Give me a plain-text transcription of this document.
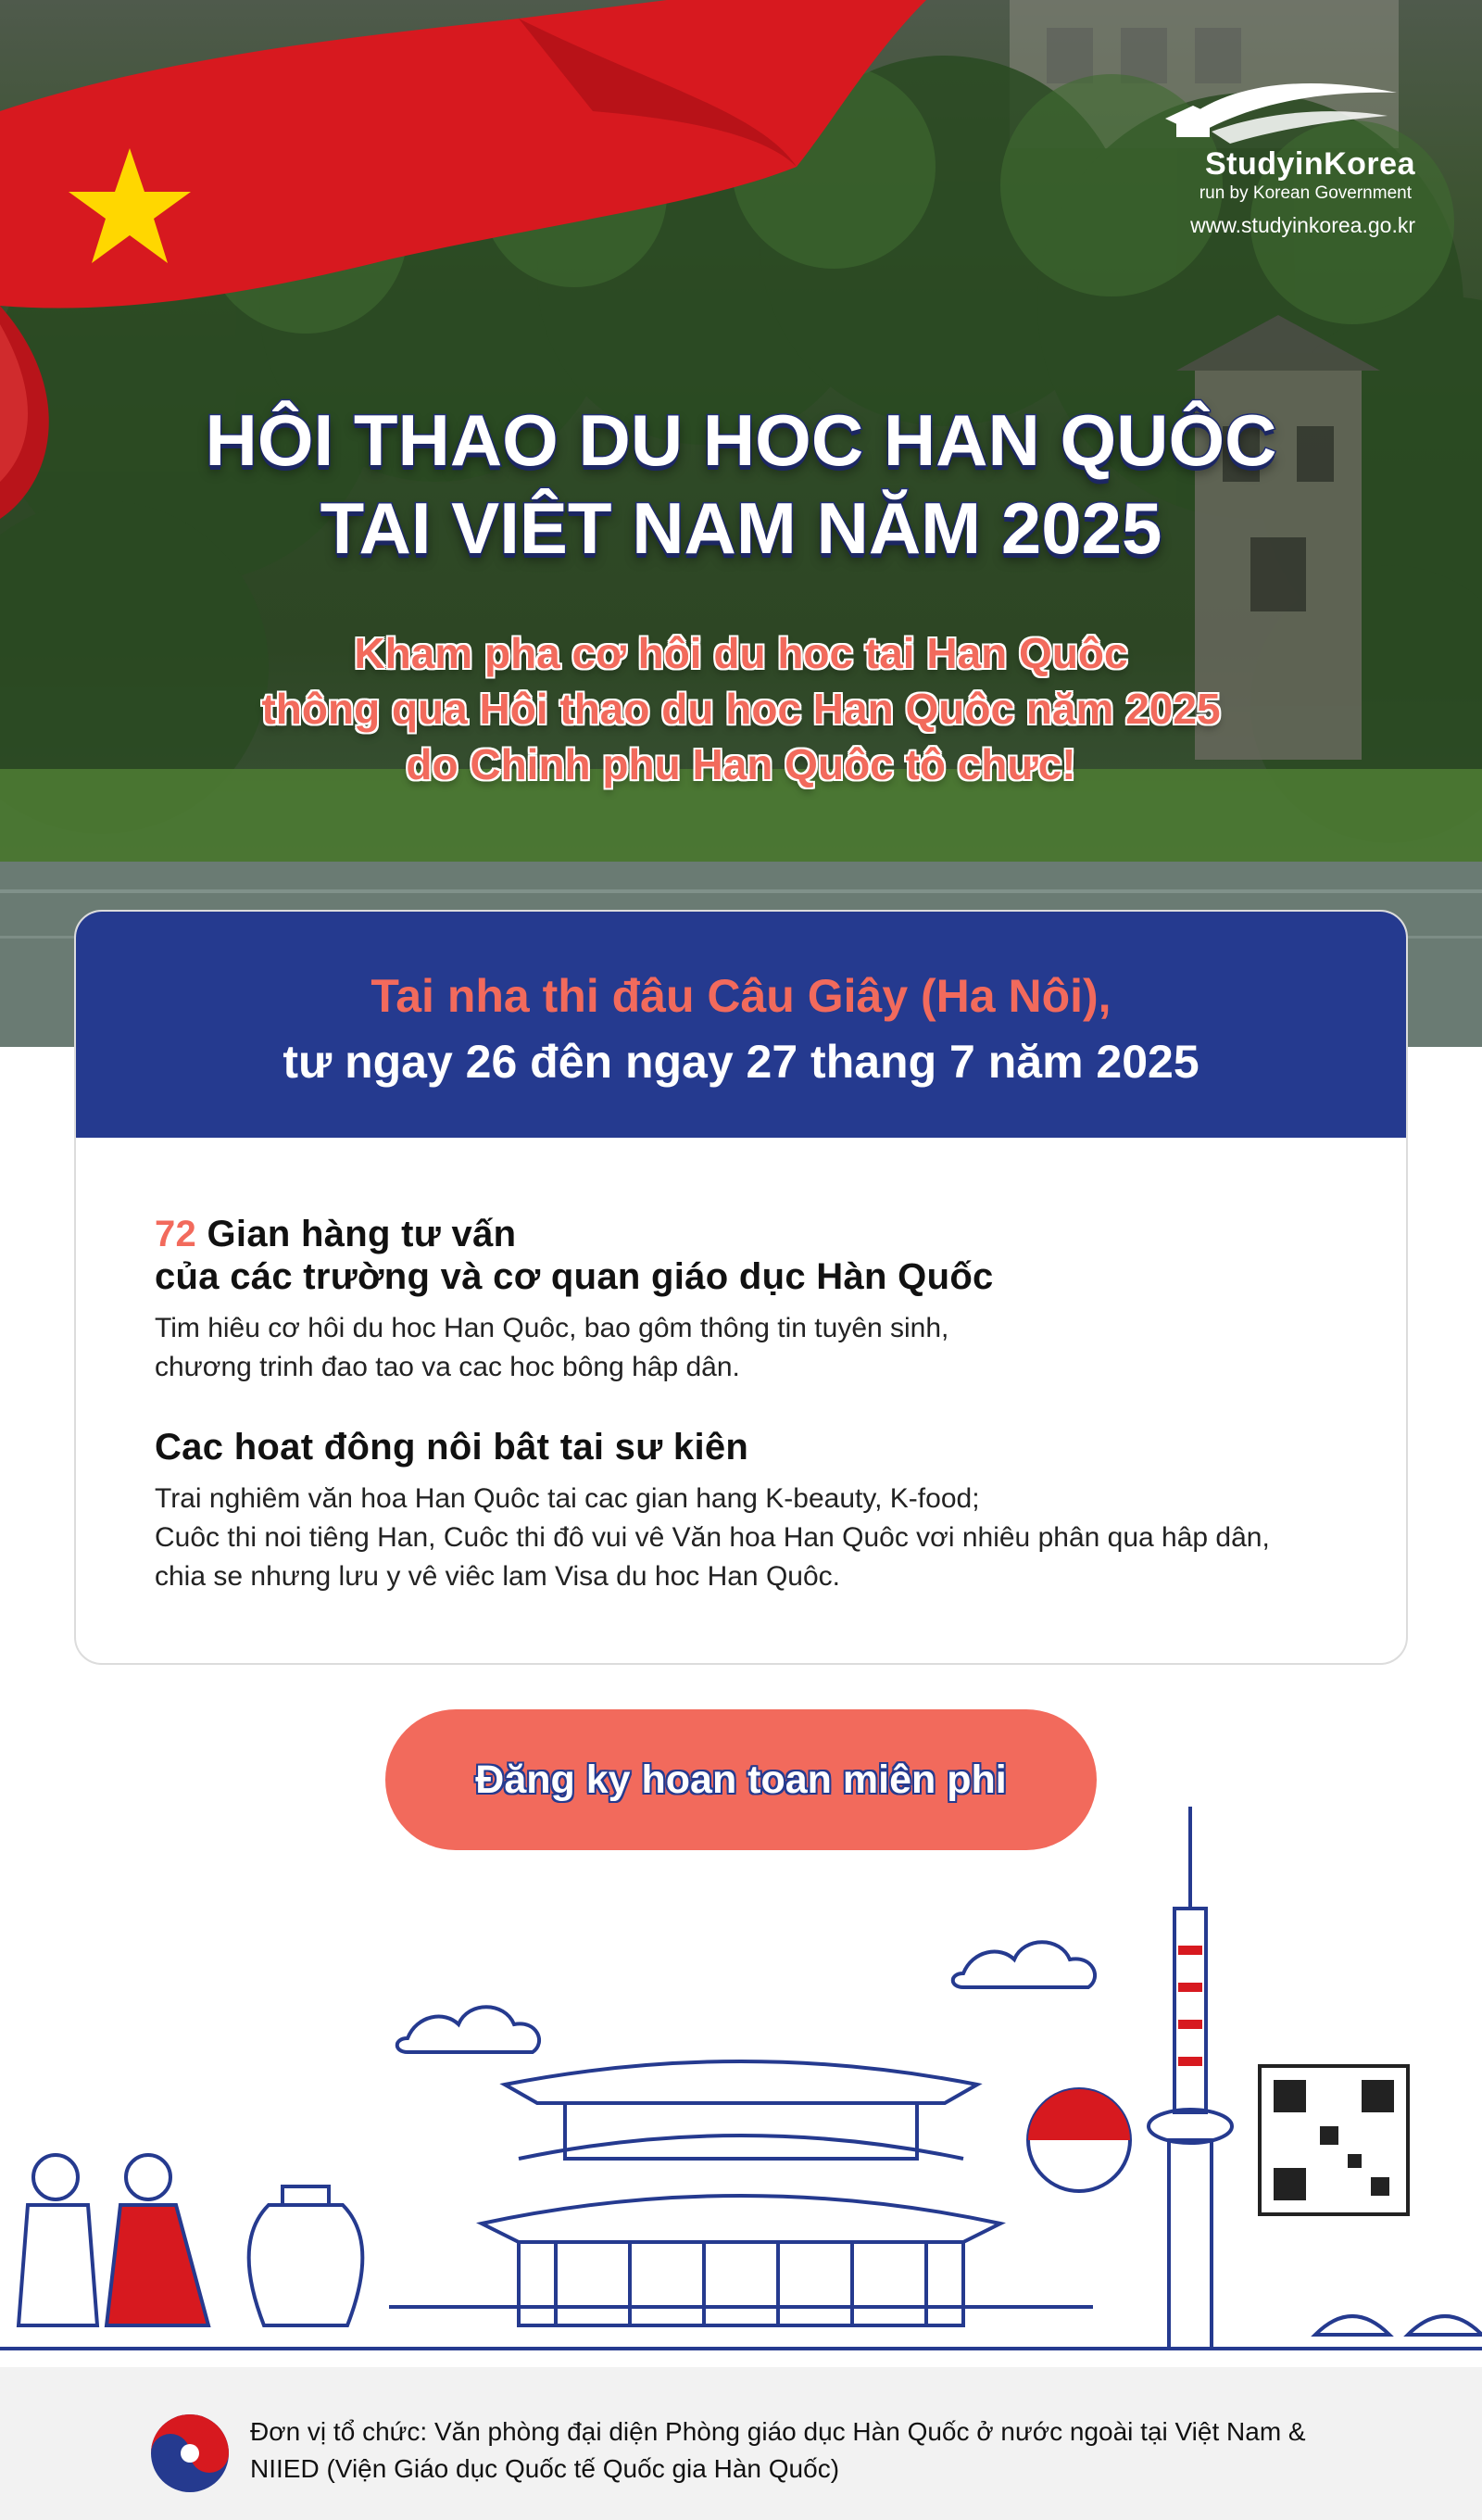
StudyinKorea
run by Korean Government
www.studyinkorea.go.kr
HÔI THAO DU HOC HAN QUÔC
TAI VIÊT NAM NĂM 2025
Kham pha cơ hôi du hoc tai Han Quôc
thông qua Hôi thao du hoc Han Quôc năm 2025
do Chinh phu Han Quôc tô chưc!
Tai nha thi đâu Câu Giây (Ha Nôi),
tư ngay 26 đên ngay 27 thang 7 năm 2025
72 Gian hàng tư vấn
của các trường và cơ quan giáo dục Hàn Quốc
Tim hiêu cơ hôi du hoc Han Quôc, bao gôm thông tin tuyên sinh,
chương trinh đao tao va cac hoc bông hâp dân.
Cac hoat đông nôi bât tai sư kiên
Trai nghiêm văn hoa Han Quôc tai cac gian hang K-beauty, K-food;
Cuôc thi noi tiêng Han, Cuôc thi đô vui vê Văn hoa Han Quôc vơi nhiêu phân qua hâp dân,
chia se nhưng lưu y vê viêc lam Visa du hoc Han Quôc.
Đăng ky hoan toan miên phi
Đơn vị tổ chức: Văn phòng đại diện Phòng giáo dục Hàn Quốc ở nước ngoài tại Việt Nam &
NIIED (Viện Giáo dục Quốc tế Quốc gia Hàn Quốc)
